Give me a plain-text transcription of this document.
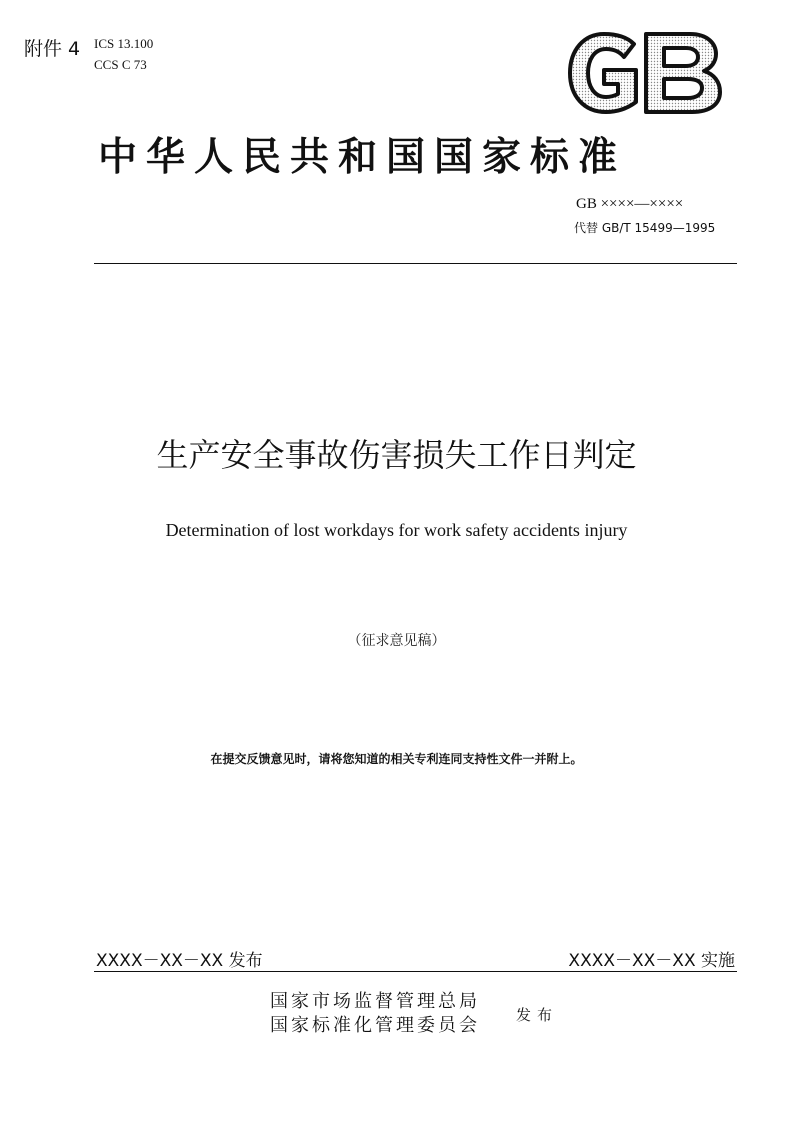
附件 4 ICS 13.100
CCS C 73
中华人民共和国国家标准
GB ××××—××××
代替 GB/T 15499—1995
生产安全事故伤害损失工作日判定
Determination of lost workdays for work safety accidents injury
（征求意见稿）
在提交反馈意见时，请将您知道的相关专利连同支持性文件一并附上。
XXXX－XX－XX 发布	XXXX－XX－XX 实施
国家市场监督管理总局
国家标准化管理委员会 发布
